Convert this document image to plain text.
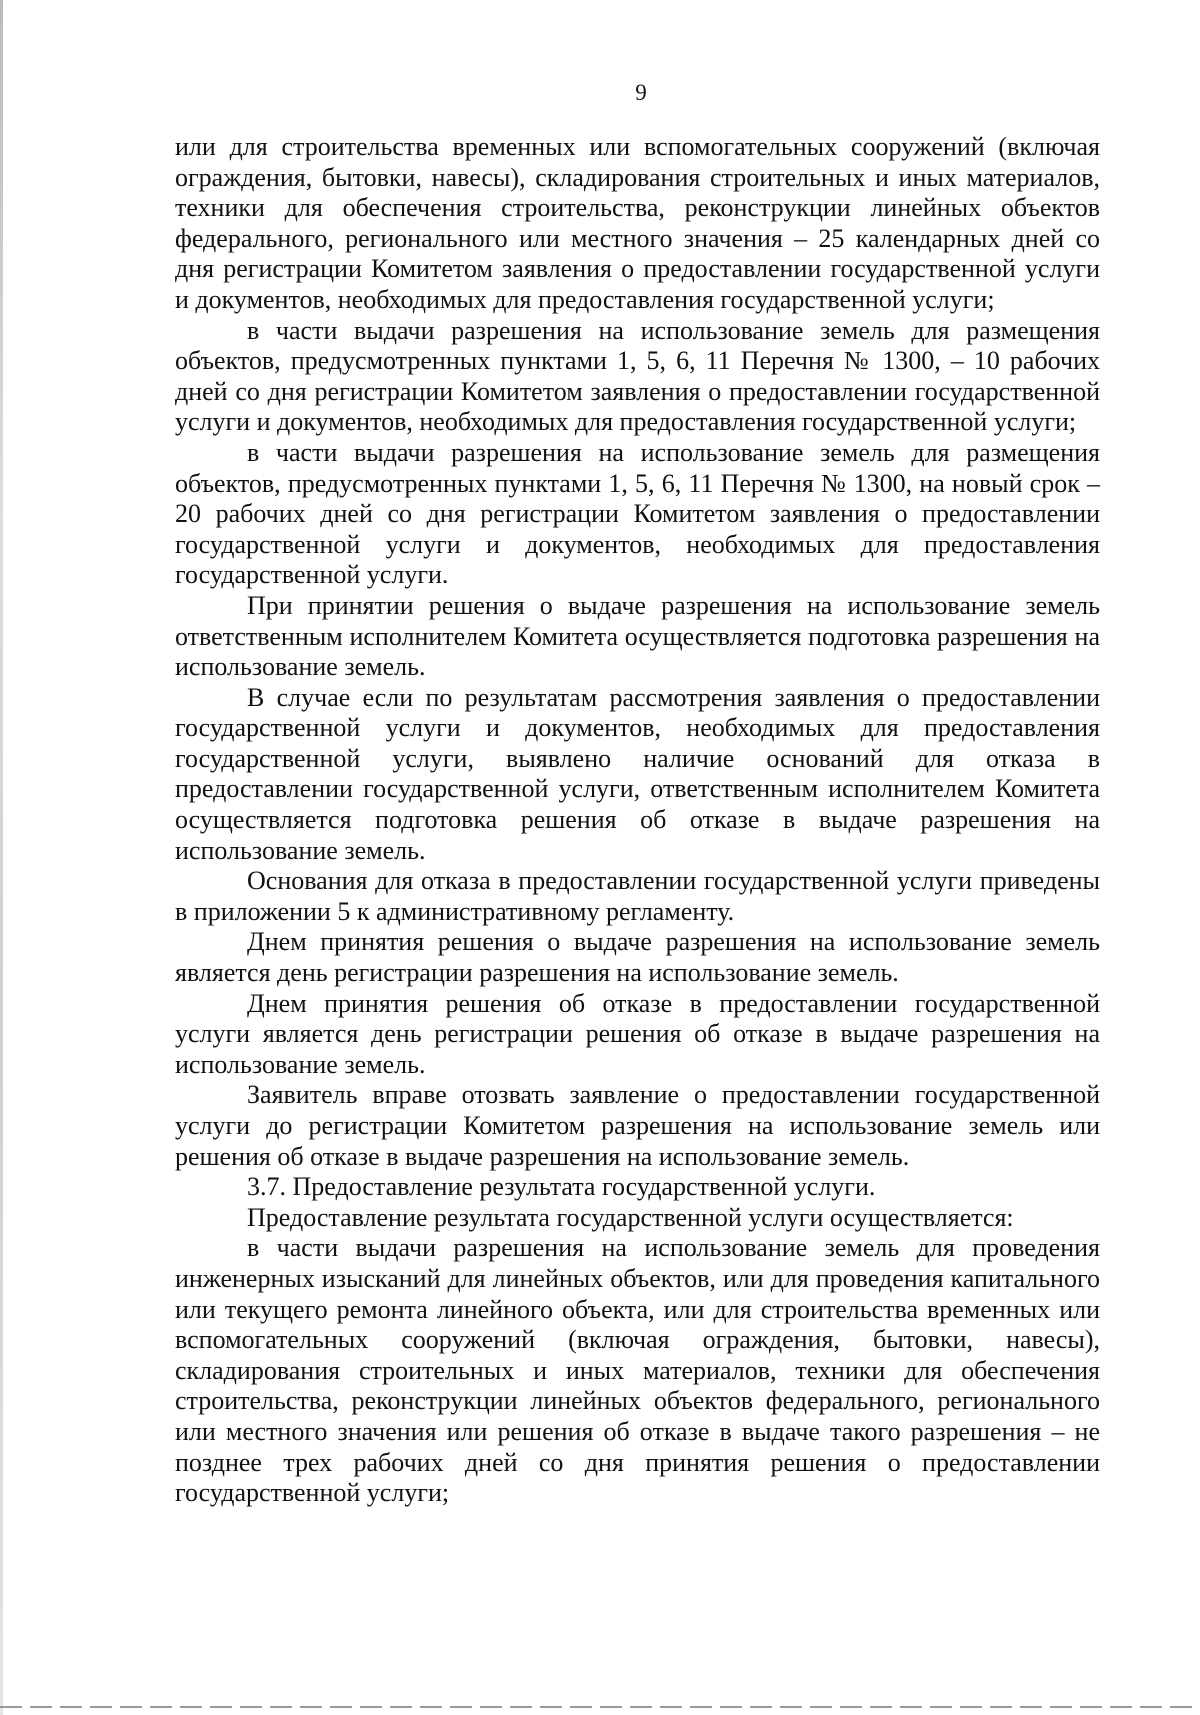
9

или для строительства временных или вспомогательных сооружений (включая ограждения, бытовки, навесы), складирования строительных и иных материалов, техники для обеспечения строительства, реконструкции линейных объектов федерального, регионального или местного значения – 25 календарных дней со дня регистрации Комитетом заявления о предоставлении государственной услуги и документов, необходимых для предоставления государственной услуги;

в части выдачи разрешения на использование земель для размещения объектов, предусмотренных пунктами 1, 5, 6, 11 Перечня № 1300, – 10 рабочих дней со дня регистрации Комитетом заявления о предоставлении государственной услуги и документов, необходимых для предоставления государственной услуги;

в части выдачи разрешения на использование земель для размещения объектов, предусмотренных пунктами 1, 5, 6, 11 Перечня № 1300, на новый срок – 20 рабочих дней со дня регистрации Комитетом заявления о предоставлении государственной услуги и документов, необходимых для предоставления государственной услуги.

При принятии решения о выдаче разрешения на использование земель ответственным исполнителем Комитета осуществляется подготовка разрешения на использование земель.

В случае если по результатам рассмотрения заявления о предоставлении государственной услуги и документов, необходимых для предоставления государственной услуги, выявлено наличие оснований для отказа в предоставлении государственной услуги, ответственным исполнителем Комитета осуществляется подготовка решения об отказе в выдаче разрешения на использование земель.

Основания для отказа в предоставлении государственной услуги приведены в приложении 5 к административному регламенту.

Днем принятия решения о выдаче разрешения на использование земель является день регистрации разрешения на использование земель.

Днем принятия решения об отказе в предоставлении государственной услуги является день регистрации решения об отказе в выдаче разрешения на использование земель.

Заявитель вправе отозвать заявление о предоставлении государственной услуги до регистрации Комитетом разрешения на использование земель или решения об отказе в выдаче разрешения на использование земель.

3.7. Предоставление результата государственной услуги.

Предоставление результата государственной услуги осуществляется:

в части выдачи разрешения на использование земель для проведения инженерных изысканий для линейных объектов, или для проведения капитального или текущего ремонта линейного объекта, или для строительства временных или вспомогательных сооружений (включая ограждения, бытовки, навесы), складирования строительных и иных материалов, техники для обеспечения строительства, реконструкции линейных объектов федерального, регионального или местного значения или решения об отказе в выдаче такого разрешения – не позднее трех рабочих дней со дня принятия решения о предоставлении государственной услуги;
